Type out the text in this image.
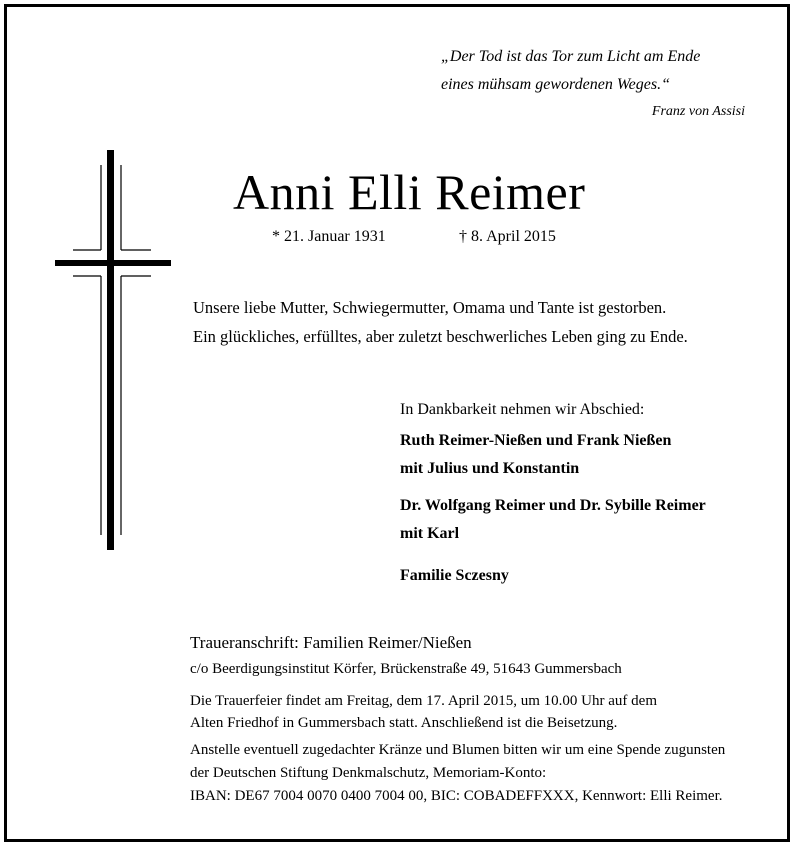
„Der Tod ist das Tor zum Licht am Ende
eines mühsam gewordenen Weges.“
Franz von Assisi
Anni Elli Reimer
* 21. Januar 1931	† 8. April 2015
Unsere liebe Mutter, Schwiegermutter, Omama und Tante ist gestorben.
Ein glückliches, erfülltes, aber zuletzt beschwerliches Leben ging zu Ende.
In Dankbarkeit nehmen wir Abschied:
Ruth Reimer-Nießen und Frank Nießen
mit Julius und Konstantin
Dr. Wolfgang Reimer und Dr. Sybille Reimer
mit Karl
Familie Sczesny
Traueranschrift: Familien Reimer/Nießen
c/o Beerdigungsinstitut Körfer, Brückenstraße 49, 51643 Gummersbach
Die Trauerfeier findet am Freitag, dem 17. April 2015, um 10.00 Uhr auf dem
Alten Friedhof in Gummersbach statt. Anschließend ist die Beisetzung.
Anstelle eventuell zugedachter Kränze und Blumen bitten wir um eine Spende zugunsten
der Deutschen Stiftung Denkmalschutz, Memoriam-Konto:
IBAN: DE67 7004 0070 0400 7004 00, BIC: COBADEFFXXX, Kennwort: Elli Reimer.
